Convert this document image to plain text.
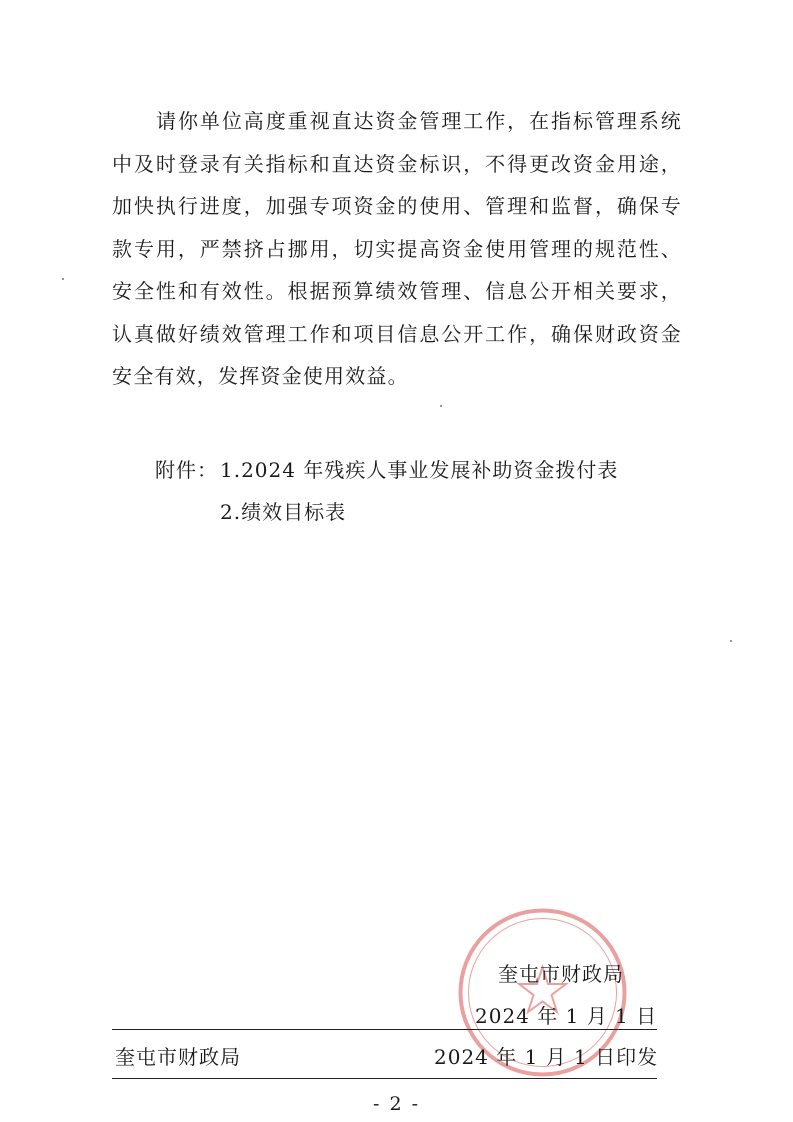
请你单位高度重视直达资金管理工作，在指标管理系统中及时登录有关指标和直达资金标识，不得更改资金用途，加快执行进度，加强专项资金的使用、管理和监督，确保专款专用，严禁挤占挪用，切实提高资金使用管理的规范性、安全性和有效性。根据预算绩效管理、信息公开相关要求，认真做好绩效管理工作和项目信息公开工作，确保财政资金安全有效，发挥资金使用效益。

附件： 1.2024 年残疾人事业发展补助资金拨付表
2.绩效目标表
奎屯市财政局
2024 年 1 月 1 日
奎屯市财政局	2024 年 1 月 1 日印发
- 2 -
